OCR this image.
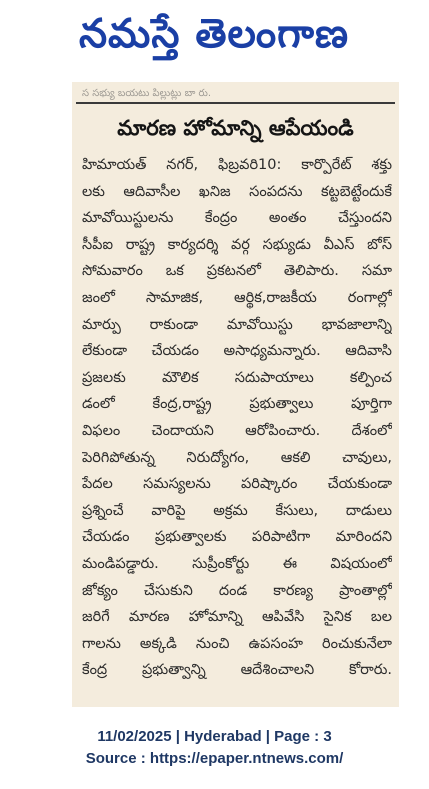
నమస్తే తెలంగాణ
స సభ్యు బయటు పిల్లుట్లు బా రు.
మారణ హోమాన్ని ఆపేయండి
హిమాయత్ నగర్, ఫిబ్రవరి10: కార్పొరేట్ శక్తు
లకు ఆదివాసీల ఖనిజ సంపదను కట్టబెట్టేందుకే
మావోయిస్టులను కేంద్రం అంతం చేస్తుందని
సీపీఐ రాష్ట్ర కార్యదర్శి వర్గ సభ్యుడు వీఎస్ బోస్
సోమవారం ఒక ప్రకటనలో తెలిపారు. సమా
జంలో సామాజిక, ఆర్థిక,రాజకీయ రంగాల్లో
మార్పు రాకుండా మావోయిస్టు భావజాలాన్ని
లేకుండా చేయడం అసాధ్యమన్నారు. ఆదివాసి
ప్రజలకు మౌలిక సదుపాయాలు కల్పించ
డంలో కేంద్ర,రాష్ట్ర ప్రభుత్వాలు పూర్తిగా
విఫలం చెందాయని ఆరోపించారు. దేశంలో
పెరిగిపోతున్న నిరుద్యోగం, ఆకలి చావులు,
పేదల సమస్యలను పరిష్కారం చేయకుండా
ప్రశ్నించే వారిపై అక్రమ కేసులు, దాడులు
చేయడం ప్రభుత్వాలకు పరిపాటిగా మారిందని
మండిపడ్డారు. సుప్రీంకోర్టు ఈ విషయంలో
జోక్యం చేసుకుని దండ కారణ్య ప్రాంతాల్లో
జరిగే మారణ హోమాన్ని ఆపివేసి సైనిక బల
గాలను అక్కడి నుంచి ఉపసంహ రించుకునేలా
కేంద్ర ప్రభుత్వాన్ని ఆదేశించాలని కోరారు.
11/02/2025 | Hyderabad | Page : 3
Source : https://epaper.ntnews.com/
